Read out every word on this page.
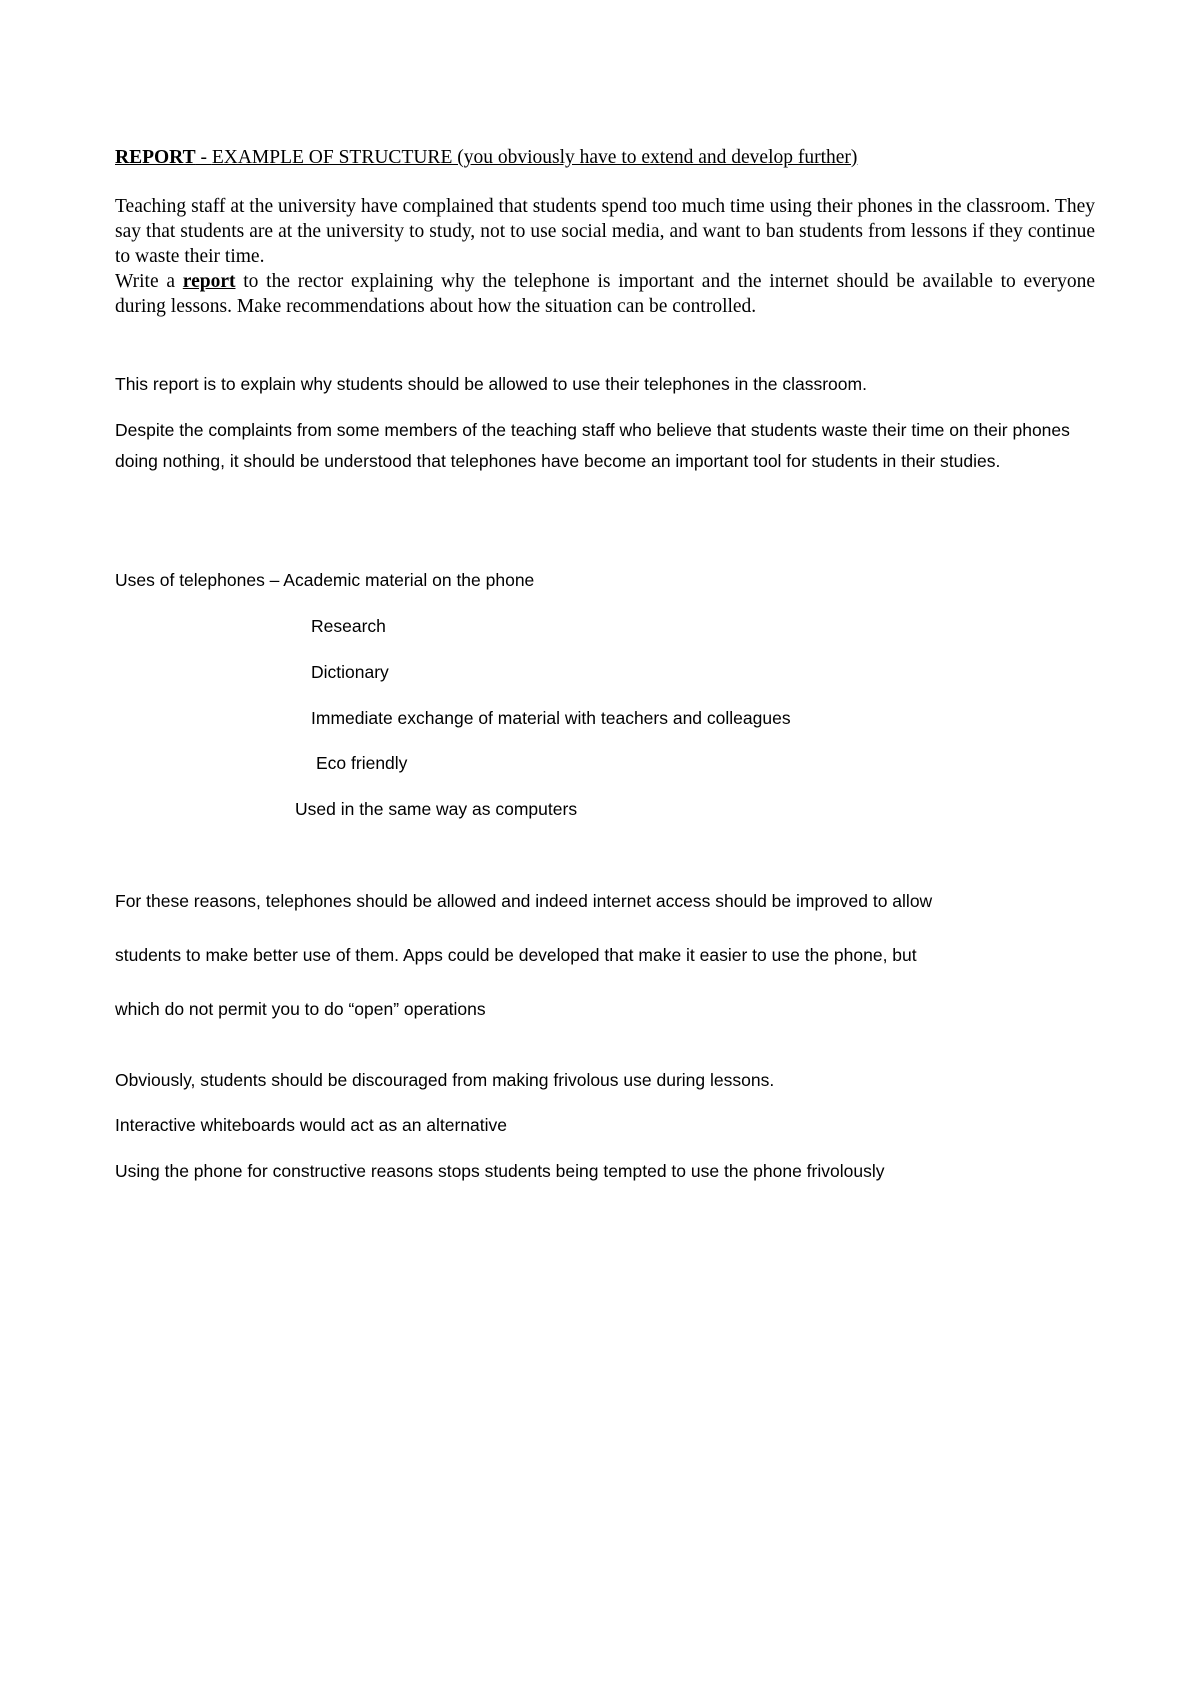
REPORT - EXAMPLE OF STRUCTURE (you obviously have to extend and develop further)

Teaching staff at the university have complained that students spend too much time using their phones in the classroom. They say that students are at the university to study, not to use social media, and want to ban students from lessons if they continue to waste their time.

Write a report to the rector explaining why the telephone is important and the internet should be available to everyone during lessons. Make recommendations about how the situation can be controlled.

This report is to explain why students should be allowed to use their telephones in the classroom.

Despite the complaints from some members of the teaching staff who believe that students waste their time on their phones doing nothing, it should be understood that telephones have become an important tool for students in their studies.

Uses of telephones – Academic material on the phone
Research
Dictionary
Immediate exchange of material with teachers and colleagues
Eco friendly
Used in the same way as computers
For these reasons, telephones should be allowed and indeed internet access should be improved to allow
students to make better use of them. Apps could be developed that make it easier to use the phone, but
which do not permit you to do “open” operations
Obviously, students should be discouraged from making frivolous use during lessons.
Interactive whiteboards would act as an alternative
Using the phone for constructive reasons stops students being tempted to use the phone frivolously
